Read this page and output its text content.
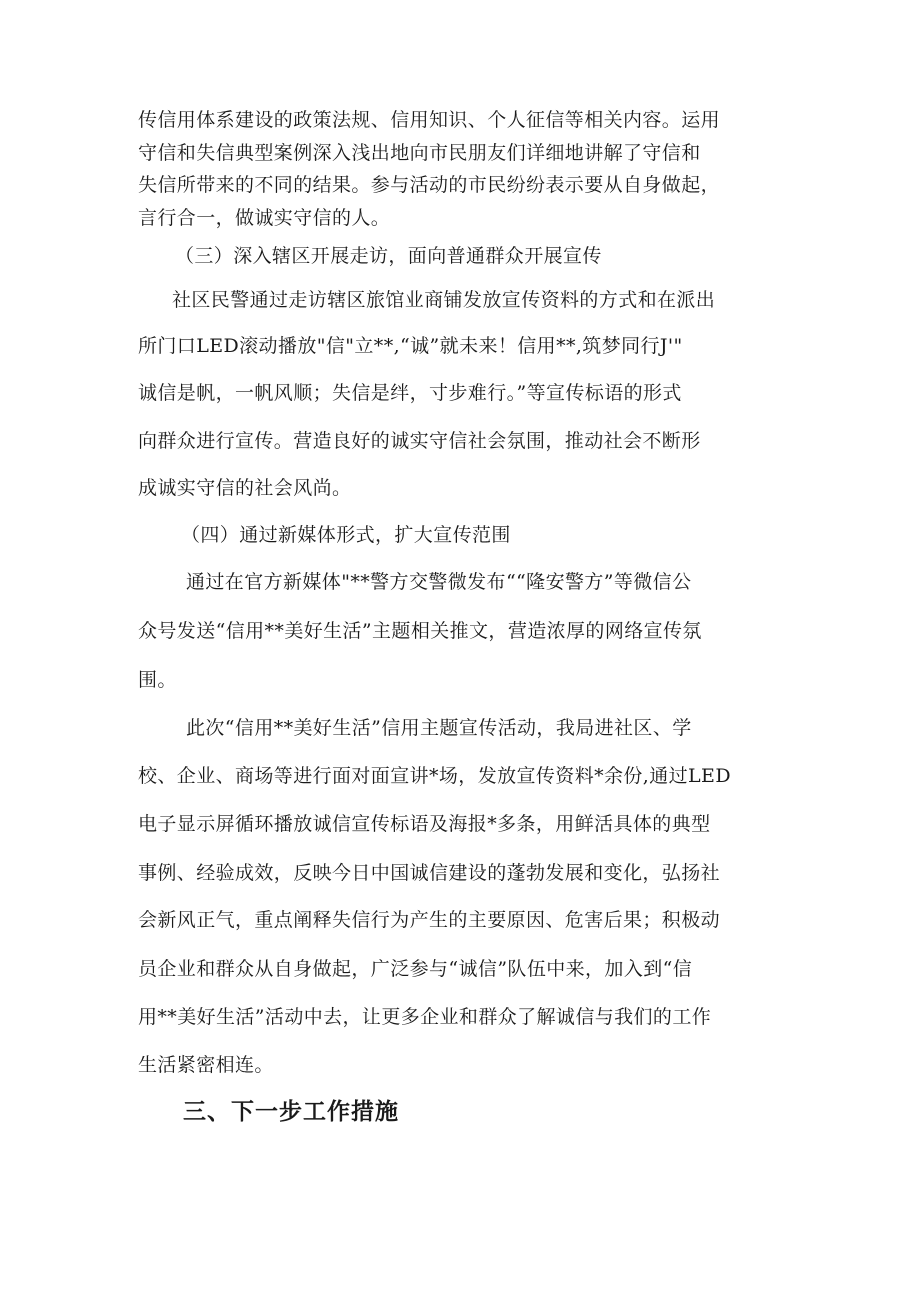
传信用体系建设的政策法规、信用知识、个人征信等相关内容。运用
守信和失信典型案例深入浅出地向市民朋友们详细地讲解了守信和
失信所带来的不同的结果。参与活动的市民纷纷表示要从自身做起，
言行合一，做诚实守信的人。
（三）深入辖区开展走访，面向普通群众开展宣传
社区民警通过走访辖区旅馆业商铺发放宣传资料的方式和在派出
所门口LED滚动播放"信"立**,“诚”就未来！信用**,筑梦同行J'"
诚信是帆，一帆风顺；失信是绊，寸步难行。”等宣传标语的形式
向群众进行宣传。营造良好的诚实守信社会氛围，推动社会不断形
成诚实守信的社会风尚。
（四）通过新媒体形式，扩大宣传范围
通过在官方新媒体"**警方交警微发布““隆安警方”等微信公
众号发送“信用**美好生活”主题相关推文，营造浓厚的网络宣传氛
围。
此次“信用**美好生活”信用主题宣传活动，我局进社区、学
校、企业、商场等进行面对面宣讲*场，发放宣传资料*余份,通过LED
电子显示屏循环播放诚信宣传标语及海报*多条，用鲜活具体的典型
事例、经验成效，反映今日中国诚信建设的蓬勃发展和变化，弘扬社
会新风正气，重点阐释失信行为产生的主要原因、危害后果；积极动
员企业和群众从自身做起，广泛参与“诚信”队伍中来，加入到“信
用**美好生活”活动中去，让更多企业和群众了解诚信与我们的工作
生活紧密相连。
三、下一步工作措施
